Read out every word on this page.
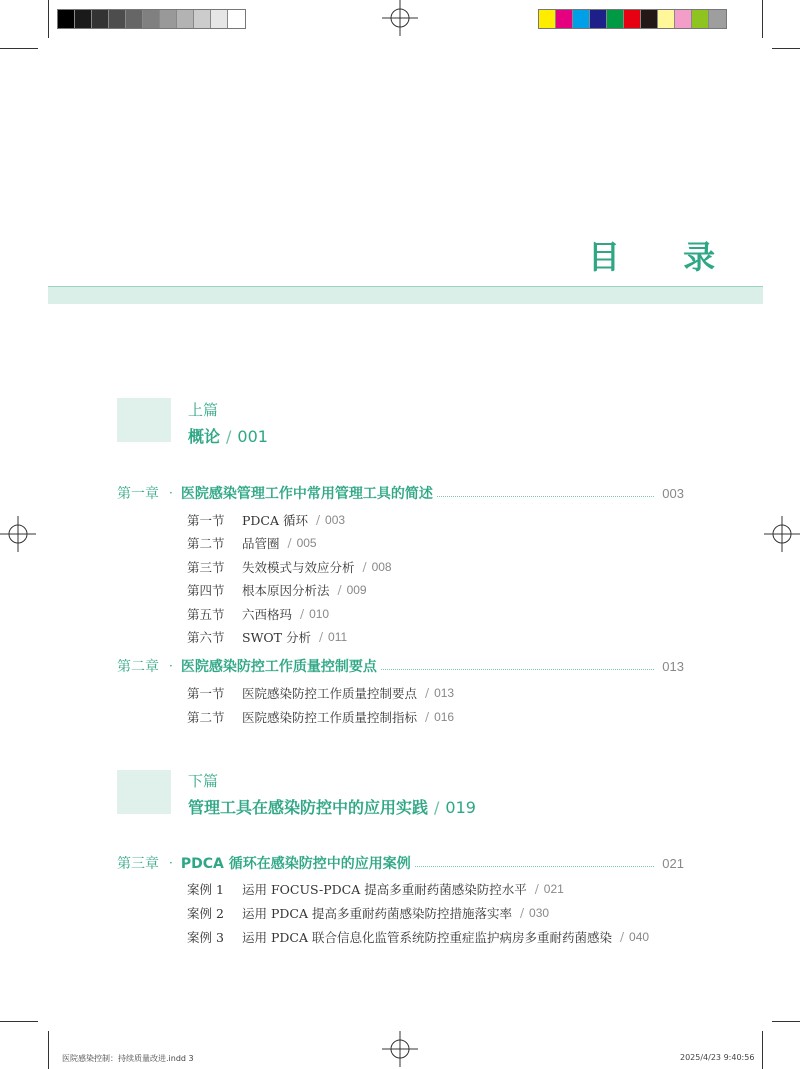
目 录
上篇
概论 / 001
第一章 · 医院感染管理工作中常用管理工具的简述	003
第一节	PDCA 循环 / 003
第二节	品管圈 / 005
第三节	失效模式与效应分析 / 008
第四节	根本原因分析法 / 009
第五节	六西格玛 / 010
第六节	SWOT 分析 / 011
第二章 · 医院感染防控工作质量控制要点	013
第一节	医院感染防控工作质量控制要点 / 013
第二节	医院感染防控工作质量控制指标 / 016
下篇
管理工具在感染防控中的应用实践 / 019
第三章 · PDCA 循环在感染防控中的应用案例	021
案例 1	运用 FOCUS-PDCA 提高多重耐药菌感染防控水平 / 021
案例 2	运用 PDCA 提高多重耐药菌感染防控措施落实率 / 030
案例 3	运用 PDCA 联合信息化监管系统防控重症监护病房多重耐药菌感染 / 040
医院感染控制：持续质量改进.indd 3	2025/4/23 9:40:56
